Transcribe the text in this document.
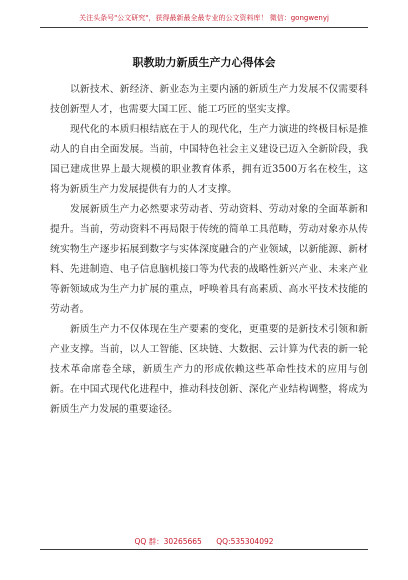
关注头条号"公文研究"，获得最新最全最专业的公文资料库！ 微信：gongwenyj
职教助力新质生产力心得体会

以新技术、新经济、新业态为主要内涵的新质生产力发展不仅需要科技创新型人才，也需要大国工匠、能工巧匠的坚实支撑。

现代化的本质归根结底在于人的现代化，生产力演进的终极目标是推动人的自由全面发展。当前，中国特色社会主义建设已迈入全新阶段，我国已建成世界上最大规模的职业教育体系，拥有近3500万名在校生，这将为新质生产力发展提供有力的人才支撑。

发展新质生产力必然要求劳动者、劳动资料、劳动对象的全面革新和提升。当前，劳动资料不再局限于传统的简单工具范畴，劳动对象亦从传统实物生产逐步拓展到数字与实体深度融合的产业领域，以新能源、新材料、先进制造、电子信息脑机接口等为代表的战略性新兴产业、未来产业等新领域成为生产力扩展的重点，呼唤着具有高素质、高水平技术技能的劳动者。

新质生产力不仅体现在生产要素的变化，更重要的是新技术引领和新产业支撑。当前，以人工智能、区块链、大数据、云计算为代表的新一轮技术革命席卷全球，新质生产力的形成依赖这些革命性技术的应用与创新。在中国式现代化进程中，推动科技创新、深化产业结构调整，将成为新质生产力发展的重要途径。

QQ 群：30265665 QQ:535304092
